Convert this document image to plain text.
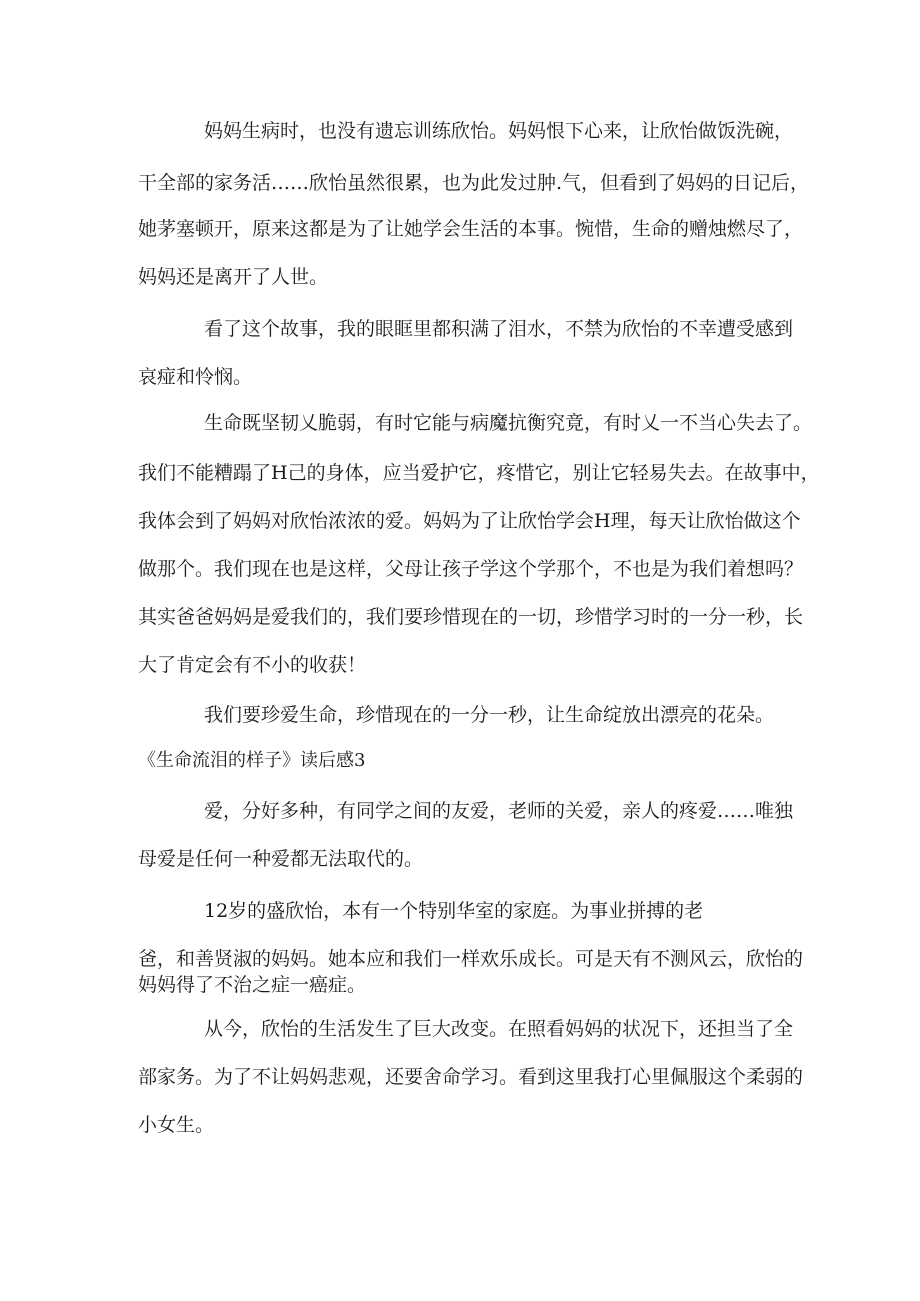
妈妈生病时，也没有遗忘训练欣怡。妈妈恨下心来，让欣怡做饭洗碗，

干全部的家务活……欣怡虽然很累，也为此发过肿.气，但看到了妈妈的日记后，

她茅塞顿开，原来这都是为了让她学会生活的本事。惋惜，生命的赠烛燃尽了，

妈妈还是离开了人世。

看了这个故事，我的眼眶里都积满了泪水，不禁为欣怡的不幸遭受感到

哀痖和怜悯。

生命既坚韧乂脆弱，有时它能与病魔抗衡究竟，有时乂一不当心失去了。

我们不能糟蹋了H己的身体，应当爱护它，疼惜它，别让它轻易失去。在故事中，

我体会到了妈妈对欣怡浓浓的爱。妈妈为了让欣怡学会H理，每天让欣怡做这个

做那个。我们现在也是这样，父母让孩子学这个学那个，不也是为我们着想吗？

其实爸爸妈妈是爱我们的，我们要珍惜现在的一切，珍惜学习时的一分一秒，长

大了肯定会有不小的收获！

我们要珍爱生命，珍惜现在的一分一秒，让生命绽放出漂亮的花朵。

《生命流泪的样子》读后感3

爱，分好多种，有同学之间的友爱，老师的关爱，亲人的疼爱……唯独

母爱是任何一种爱都无法取代的。

12岁的盛欣怡，本有一个特别华室的家庭。为事业拼搏的老

爸，和善贤淑的妈妈。她本应和我们一样欢乐成长。可是天有不测风云，欣怡的

妈妈得了不治之症一癌症。

从今，欣怡的生活发生了巨大改变。在照看妈妈的状况下，还担当了全

部家务。为了不让妈妈悲观，还要舍命学习。看到这里我打心里佩服这个柔弱的

小女生。
